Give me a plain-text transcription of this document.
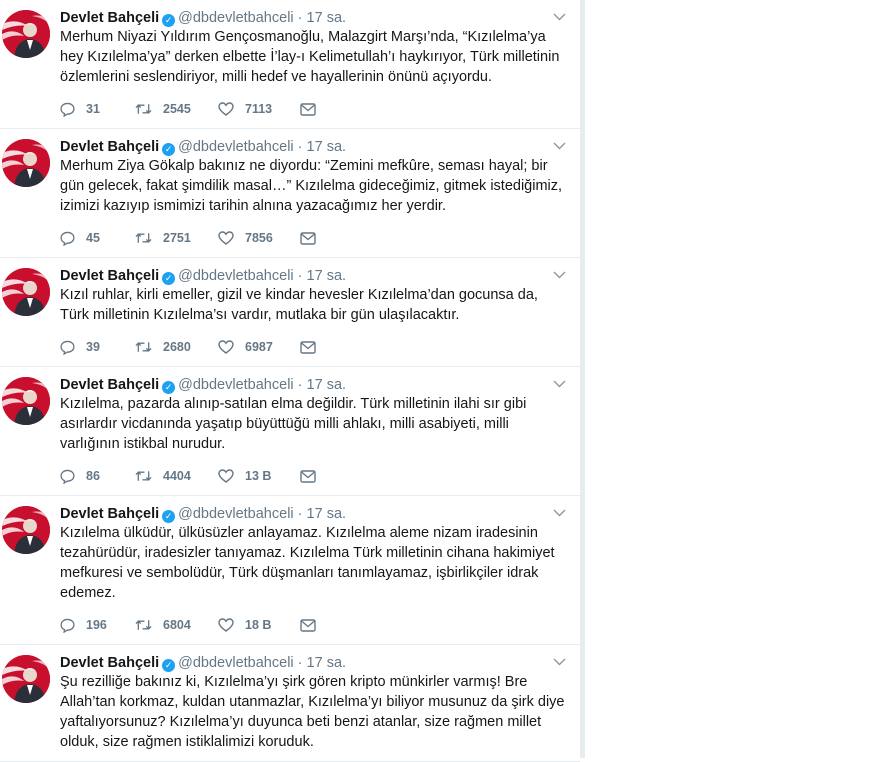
Devlet Bahçeli ✓ @dbdevletbahceli · 17 sa.
Merhum Niyazi Yıldırım Gençosmanoğlu, Malazgirt Marşı’nda, “Kızılelma’ya hey Kızılelma’ya” derken elbette İ’lay-ı Kelimetullah’ı haykırıyor, Türk milletinin özlemlerini seslendiriyor, milli hedef ve hayallerinin önünü açıyordu.
31	2545	7113
Devlet Bahçeli ✓ @dbdevletbahceli · 17 sa.
Merhum Ziya Gökalp bakınız ne diyordu: “Zemini mefkûre, seması hayal; bir gün gelecek, fakat şimdilik masal…” Kızılelma gideceğimiz, gitmek istediğimiz, izimizi kazıyıp ismimizi tarihin alnına yazacağımız her yerdir.
45	2751	7856
Devlet Bahçeli ✓ @dbdevletbahceli · 17 sa.
Kızıl ruhlar, kirli emeller, gizil ve kindar hevesler Kızılelma’dan gocunsa da, Türk milletinin Kızılelma’sı vardır, mutlaka bir gün ulaşılacaktır.
39	2680	6987
Devlet Bahçeli ✓ @dbdevletbahceli · 17 sa.
Kızılelma, pazarda alınıp-satılan elma değildir. Türk milletinin ilahi sır gibi asırlardır vicdanında yaşatıp büyüttüğü milli ahlakı, milli asabiyeti, milli varlığının istikbal nurudur.
86	4404	13 B
Devlet Bahçeli ✓ @dbdevletbahceli · 17 sa.
Kızılelma ülküdür, ülküsüzler anlayamaz. Kızılelma aleme nizam iradesinin tezahürüdür, iradesizler tanıyamaz. Kızılelma Türk milletinin cihana hakimiyet mefkuresi ve sembolüdür, Türk düşmanları tanımlayamaz, işbirlikçiler idrak edemez.
196	6804	18 B
Devlet Bahçeli ✓ @dbdevletbahceli · 17 sa.
Şu rezilliğe bakınız ki, Kızılelma’yı şirk gören kripto münkirler varmış! Bre Allah’tan korkmaz, kuldan utanmazlar, Kızılelma’yı biliyor musunuz da şirk diye yaftalıyorsunuz? Kızılelma’yı duyunca beti benzi atanlar, size rağmen millet olduk, size rağmen istiklalimizi koruduk.
